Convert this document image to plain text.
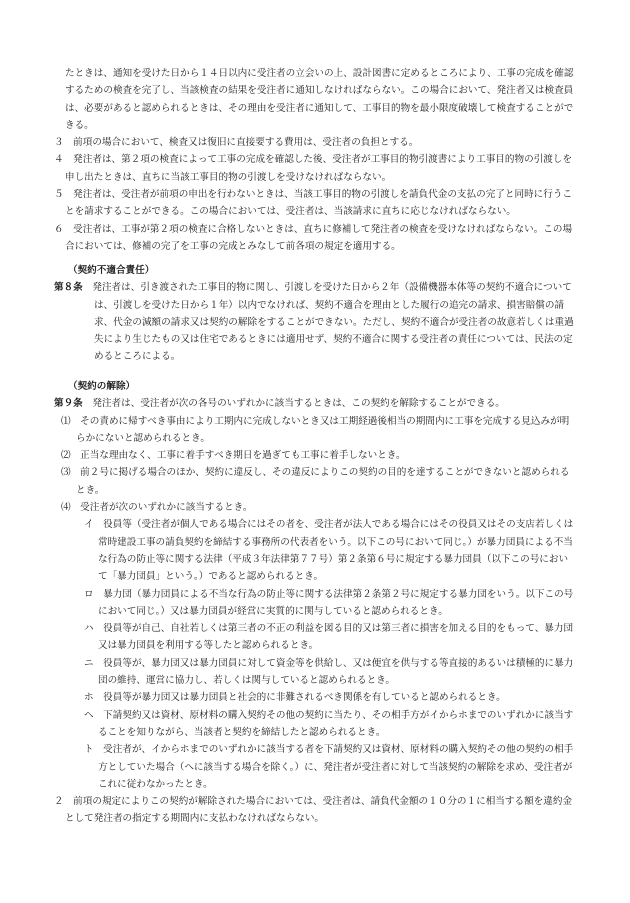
たときは、通知を受けた日から１４日以内に受注者の立会いの上、設計図書に定めるところにより、工事の完成を確認するための検査を完了し、当該検査の結果を受注者に通知しなければならない。この場合において、発注者又は検査員は、必要があると認められるときは、その理由を受注者に通知して、工事目的物を最小限度破壊して検査することができる。

３　前項の場合において、検査又は復旧に直接要する費用は、受注者の負担とする。

４　発注者は、第２項の検査によって工事の完成を確認した後、受注者が工事目的物引渡書により工事目的物の引渡しを申し出たときは、直ちに当該工事目的物の引渡しを受けなければならない。

５　発注者は、受注者が前項の申出を行わないときは、当該工事目的物の引渡しを請負代金の支払の完了と同時に行うことを請求することができる。この場合においては、受注者は、当該請求に直ちに応じなければならない。

６　受注者は、工事が第２項の検査に合格しないときは、直ちに修補して発注者の検査を受けなければならない。この場合においては、修補の完了を工事の完成とみなして前各項の規定を適用する。

（契約不適合責任）

第８条　発注者は、引き渡された工事目的物に関し、引渡しを受けた日から２年（設備機器本体等の契約不適合については、引渡しを受けた日から１年）以内でなければ、契約不適合を理由とした履行の追完の請求、損害賠償の請求、代金の減額の請求又は契約の解除をすることができない。ただし、契約不適合が受注者の故意若しくは重過失により生じたもの又は住宅であるときには適用せず、契約不適合に関する受注者の責任については、民法の定めるところによる。

（契約の解除）

第９条　発注者は、受注者が次の各号のいずれかに該当するときは、この契約を解除することができる。

⑴　その責めに帰すべき事由により工期内に完成しないとき又は工期経過後相当の期間内に工事を完成する見込みが明らかにないと認められるとき。

⑵　正当な理由なく、工事に着手すべき期日を過ぎても工事に着手しないとき。

⑶　前２号に掲げる場合のほか、契約に違反し、その違反によりこの契約の目的を達することができないと認められるとき。

⑷　受注者が次のいずれかに該当するとき。

イ　役員等（受注者が個人である場合にはその者を、受注者が法人である場合にはその役員又はその支店若しくは常時建設工事の請負契約を締結する事務所の代表者をいう。以下この号において同じ。）が暴力団員による不当な行為の防止等に関する法律（平成３年法律第７７号）第２条第６号に規定する暴力団員（以下この号において「暴力団員」という。）であると認められるとき。

ロ　暴力団（暴力団員による不当な行為の防止等に関する法律第２条第２号に規定する暴力団をいう。以下この号において同じ。）又は暴力団員が経営に実質的に関与していると認められるとき。

ハ　役員等が自己、自社若しくは第三者の不正の利益を図る目的又は第三者に損害を加える目的をもって、暴力団又は暴力団員を利用する等したと認められるとき。

ニ　役員等が、暴力団又は暴力団員に対して資金等を供給し、又は便宜を供与する等直接的あるいは積極的に暴力団の維持、運営に協力し、若しくは関与していると認められるとき。

ホ　役員等が暴力団又は暴力団員と社会的に非難されるべき関係を有していると認められるとき。

ヘ　下請契約又は資材、原材料の購入契約その他の契約に当たり、その相手方がイからホまでのいずれかに該当することを知りながら、当該者と契約を締結したと認められるとき。

ト　受注者が、イからホまでのいずれかに該当する者を下請契約又は資材、原材料の購入契約その他の契約の相手方としていた場合（へに該当する場合を除く。）に、発注者が受注者に対して当該契約の解除を求め、受注者がこれに従わなかったとき。

２　前項の規定によりこの契約が解除された場合においては、受注者は、請負代金額の１０分の１に相当する額を違約金として発注者の指定する期間内に支払わなければならない。
